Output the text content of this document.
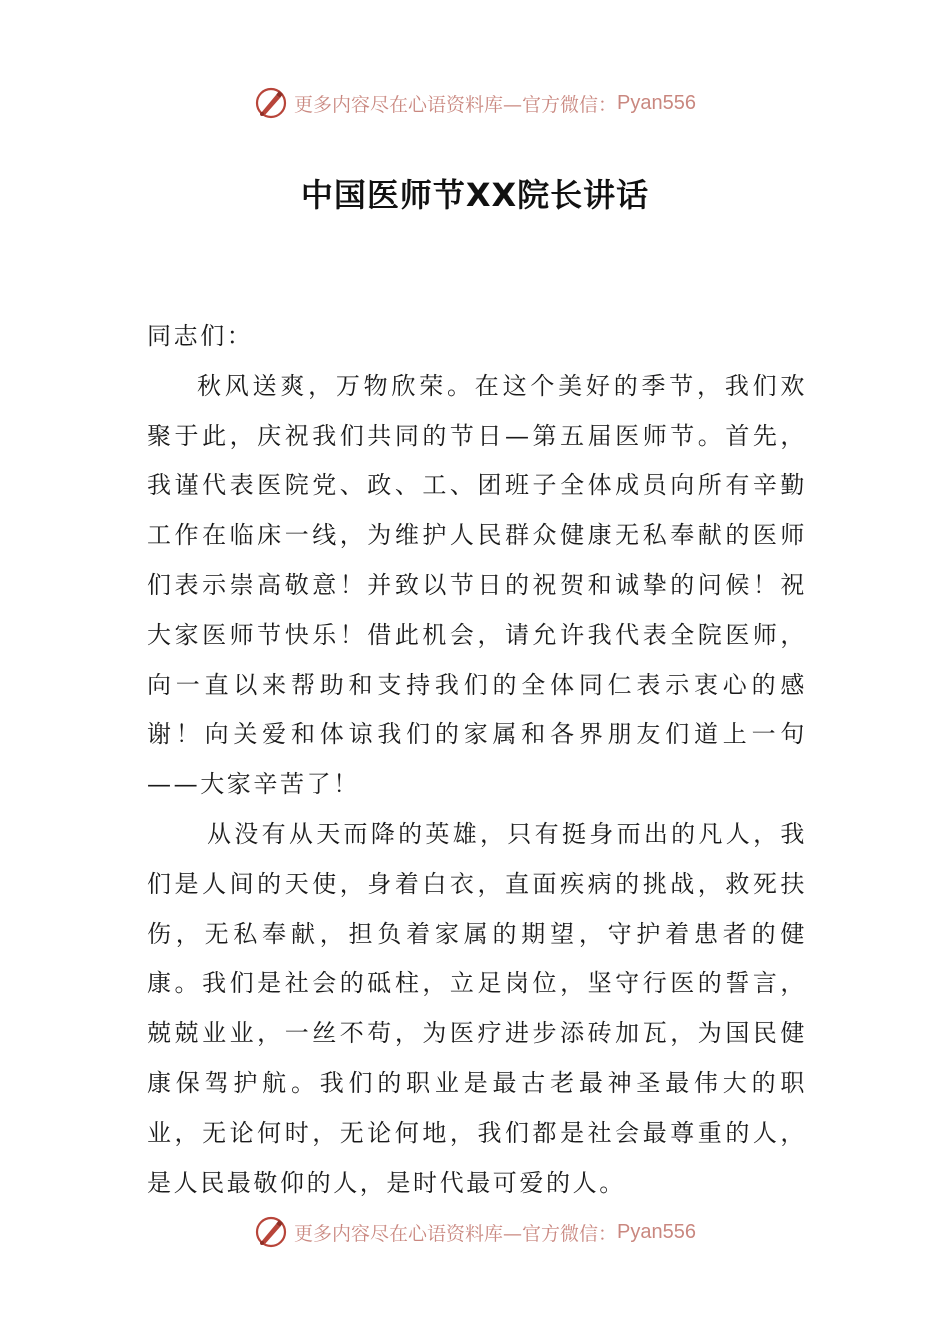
更多内容尽在心语资料库—官方微信： Pyan556
中国医师节XX院长讲话

同志们：

秋风送爽，万物欣荣。在这个美好的季节，我们欢聚于此，庆祝我们共同的节日—第五届医师节。首先，我谨代表医院党、政、工、团班子全体成员向所有辛勤工作在临床一线，为维护人民群众健康无私奉献的医师们表示崇高敬意！并致以节日的祝贺和诚挚的问候！祝大家医师节快乐！借此机会，请允许我代表全院医师，向一直以来帮助和支持我们的全体同仁表示衷心的感谢！向关爱和体谅我们的家属和各界朋友们道上一句——大家辛苦了！

从没有从天而降的英雄，只有挺身而出的凡人，我们是人间的天使，身着白衣，直面疾病的挑战，救死扶伤，无私奉献，担负着家属的期望，守护着患者的健康。我们是社会的砥柱，立足岗位，坚守行医的誓言，兢兢业业，一丝不苟，为医疗进步添砖加瓦，为国民健康保驾护航。我们的职业是最古老最神圣最伟大的职业，无论何时，无论何地，我们都是社会最尊重的人，是人民最敬仰的人，是时代最可爱的人。

更多内容尽在心语资料库—官方微信： Pyan556
